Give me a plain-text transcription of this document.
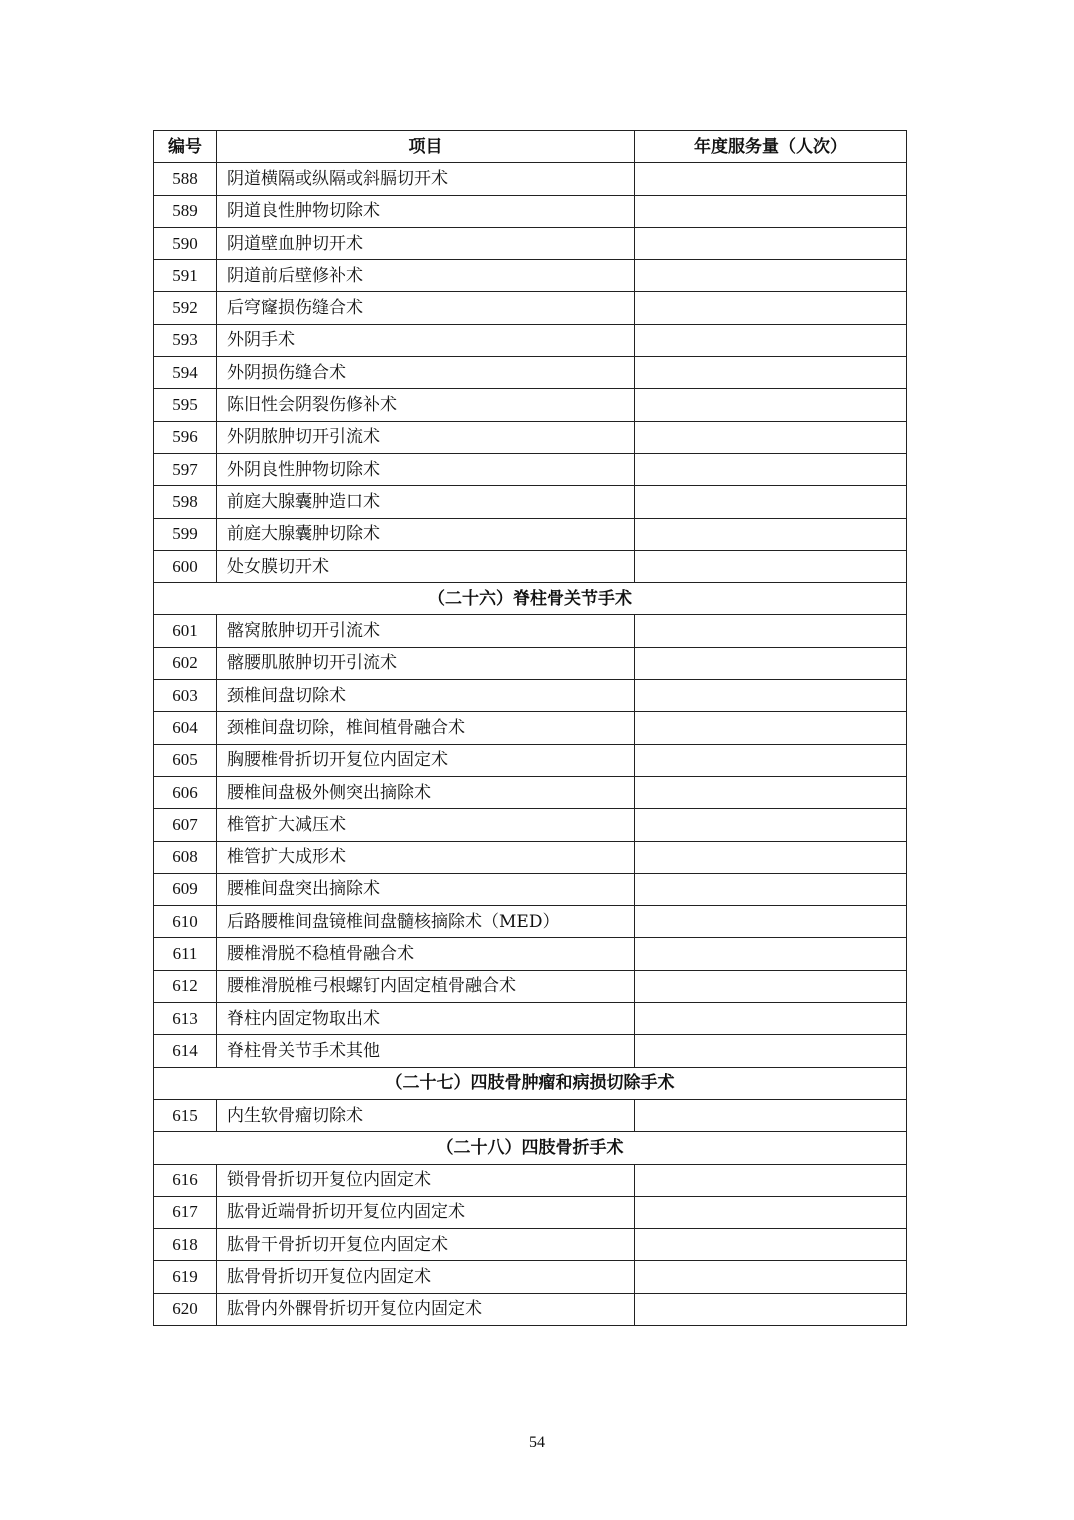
编号	项目	年度服务量（人次）
588	阴道横隔或纵隔或斜膈切开术	
589	阴道良性肿物切除术	
590	阴道壁血肿切开术	
591	阴道前后壁修补术	
592	后穹窿损伤缝合术	
593	外阴手术	
594	外阴损伤缝合术	
595	陈旧性会阴裂伤修补术	
596	外阴脓肿切开引流术	
597	外阴良性肿物切除术	
598	前庭大腺囊肿造口术	
599	前庭大腺囊肿切除术	
600	处女膜切开术	
（二十六）脊柱骨关节手术		
601	髂窝脓肿切开引流术	
602	髂腰肌脓肿切开引流术	
603	颈椎间盘切除术	
604	颈椎间盘切除，椎间植骨融合术	
605	胸腰椎骨折切开复位内固定术	
606	腰椎间盘极外侧突出摘除术	
607	椎管扩大减压术	
608	椎管扩大成形术	
609	腰椎间盘突出摘除术	
610	后路腰椎间盘镜椎间盘髓核摘除术（MED）	
611	腰椎滑脱不稳植骨融合术	
612	腰椎滑脱椎弓根螺钉内固定植骨融合术	
613	脊柱内固定物取出术	
614	脊柱骨关节手术其他	
（二十七）四肢骨肿瘤和病损切除手术		
615	内生软骨瘤切除术	
（二十八）四肢骨折手术		
616	锁骨骨折切开复位内固定术	
617	肱骨近端骨折切开复位内固定术	
618	肱骨干骨折切开复位内固定术	
619	肱骨骨折切开复位内固定术	
620	肱骨内外髁骨折切开复位内固定术	
54
